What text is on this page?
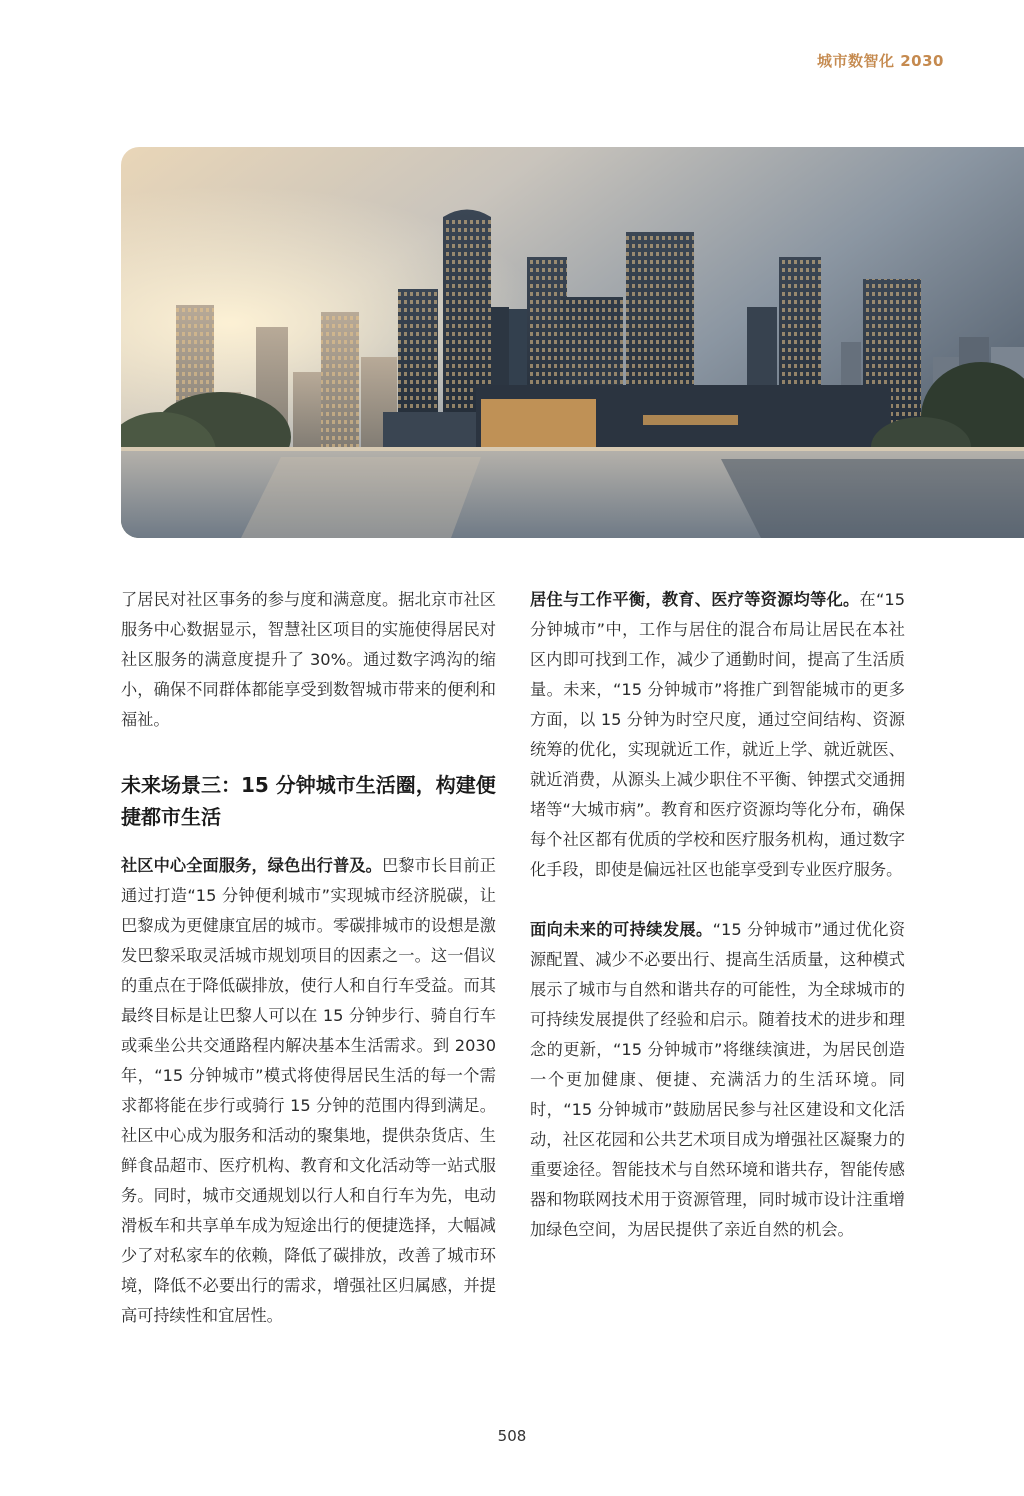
城市数智化 2030

了居民对社区事务的参与度和满意度。据北京市社区服务中心数据显示，智慧社区项目的实施使得居民对社区服务的满意度提升了 30%。通过数字鸿沟的缩小，确保不同群体都能享受到数智城市带来的便利和福祉。

未来场景三：15 分钟城市生活圈，构建便捷都市生活

社区中心全面服务，绿色出行普及。巴黎市长目前正通过打造“15 分钟便利城市”实现城市经济脱碳，让巴黎成为更健康宜居的城市。零碳排城市的设想是激发巴黎采取灵活城市规划项目的因素之一。这一倡议的重点在于降低碳排放，使行人和自行车受益。而其最终目标是让巴黎人可以在 15 分钟步行、骑自行车或乘坐公共交通路程内解决基本生活需求。到 2030 年，“15 分钟城市”模式将使得居民生活的每一个需求都将能在步行或骑行 15 分钟的范围内得到满足。社区中心成为服务和活动的聚集地，提供杂货店、生鲜食品超市、医疗机构、教育和文化活动等一站式服务。同时，城市交通规划以行人和自行车为先，电动滑板车和共享单车成为短途出行的便捷选择，大幅减少了对私家车的依赖，降低了碳排放，改善了城市环境，降低不必要出行的需求，增强社区归属感，并提高可持续性和宜居性。

居住与工作平衡，教育、医疗等资源均等化。在“15 分钟城市”中，工作与居住的混合布局让居民在本社区内即可找到工作，减少了通勤时间，提高了生活质量。未来，“15 分钟城市”将推广到智能城市的更多方面，以 15 分钟为时空尺度，通过空间结构、资源统筹的优化，实现就近工作，就近上学、就近就医、就近消费，从源头上减少职住不平衡、钟摆式交通拥堵等“大城市病”。教育和医疗资源均等化分布，确保每个社区都有优质的学校和医疗服务机构，通过数字化手段，即使是偏远社区也能享受到专业医疗服务。

面向未来的可持续发展。“15 分钟城市”通过优化资源配置、减少不必要出行、提高生活质量，这种模式展示了城市与自然和谐共存的可能性，为全球城市的可持续发展提供了经验和启示。随着技术的进步和理念的更新，“15 分钟城市”将继续演进，为居民创造一个更加健康、便捷、充满活力的生活环境。同时，“15 分钟城市”鼓励居民参与社区建设和文化活动，社区花园和公共艺术项目成为增强社区凝聚力的重要途径。智能技术与自然环境和谐共存，智能传感器和物联网技术用于资源管理，同时城市设计注重增加绿色空间，为居民提供了亲近自然的机会。

508
